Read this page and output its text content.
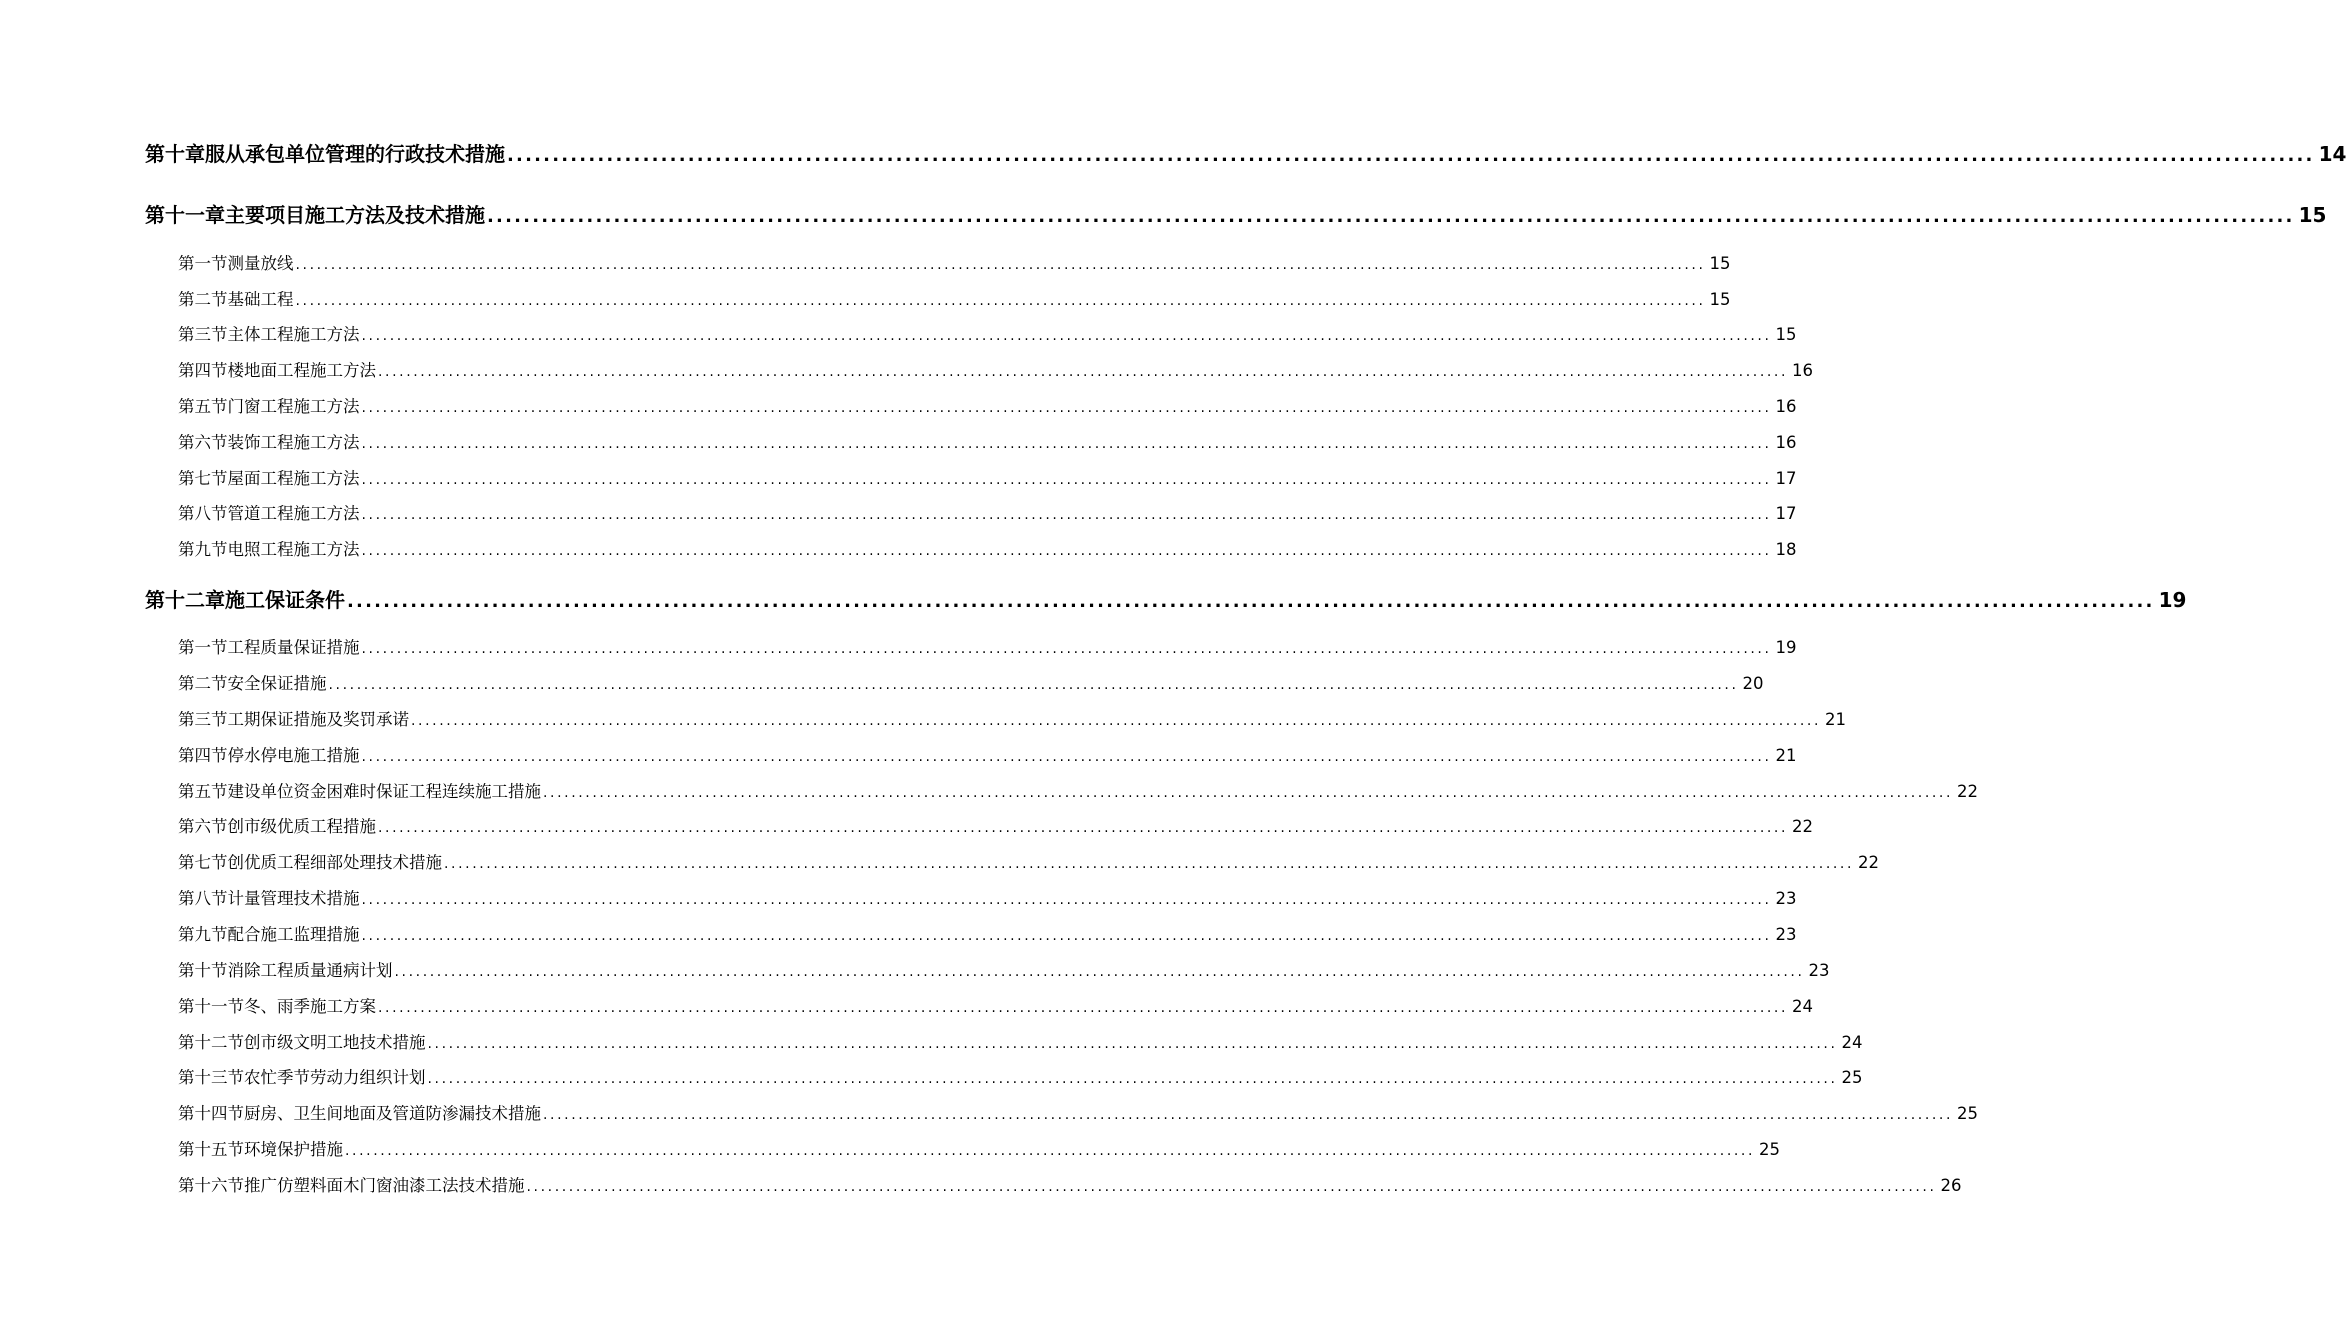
第十章 服从承包单位管理的行政技术措施 ........................................................................................................................................................................................................ 14
第十一章 主要项目施工方法及技术措施 ........................................................................................................................................................................................................ 15
第一节 测量放线 ........................................................................................................................................................................................................ 15
第二节 基础工程 ........................................................................................................................................................................................................ 15
第三节 主体工程施工方法 ........................................................................................................................................................................................................ 15
第四节 楼地面工程施工方法 ........................................................................................................................................................................................................ 16
第五节 门窗工程施工方法 ........................................................................................................................................................................................................ 16
第六节 装饰工程施工方法 ........................................................................................................................................................................................................ 16
第七节 屋面工程施工方法 ........................................................................................................................................................................................................ 17
第八节 管道工程施工方法 ........................................................................................................................................................................................................ 17
第九节 电照工程施工方法 ........................................................................................................................................................................................................ 18
第十二章 施工保证条件 ........................................................................................................................................................................................................ 19
第一节 工程质量保证措施 ........................................................................................................................................................................................................ 19
第二节 安全保证措施 ........................................................................................................................................................................................................ 20
第三节 工期保证措施及奖罚承诺 ........................................................................................................................................................................................................ 21
第四节 停水停电施工措施 ........................................................................................................................................................................................................ 21
第五节 建设单位资金困难时保证工程连续施工措施 ........................................................................................................................................................................................................ 22
第六节 创市级优质工程措施 ........................................................................................................................................................................................................ 22
第七节 创优质工程细部处理技术措施 ........................................................................................................................................................................................................ 22
第八节 计量管理技术措施 ........................................................................................................................................................................................................ 23
第九节 配合施工监理措施 ........................................................................................................................................................................................................ 23
第十节 消除工程质量通病计划 ........................................................................................................................................................................................................ 23
第十一节 冬、雨季施工方案 ........................................................................................................................................................................................................ 24
第十二节 创市级文明工地技术措施 ........................................................................................................................................................................................................ 24
第十三节 农忙季节劳动力组织计划 ........................................................................................................................................................................................................ 25
第十四节 厨房、卫生间地面及管道防渗漏技术措施 ........................................................................................................................................................................................................ 25
第十五节 环境保护措施 ........................................................................................................................................................................................................ 25
第十六节 推广仿塑料面木门窗油漆工法技术措施 ........................................................................................................................................................................................................ 26
